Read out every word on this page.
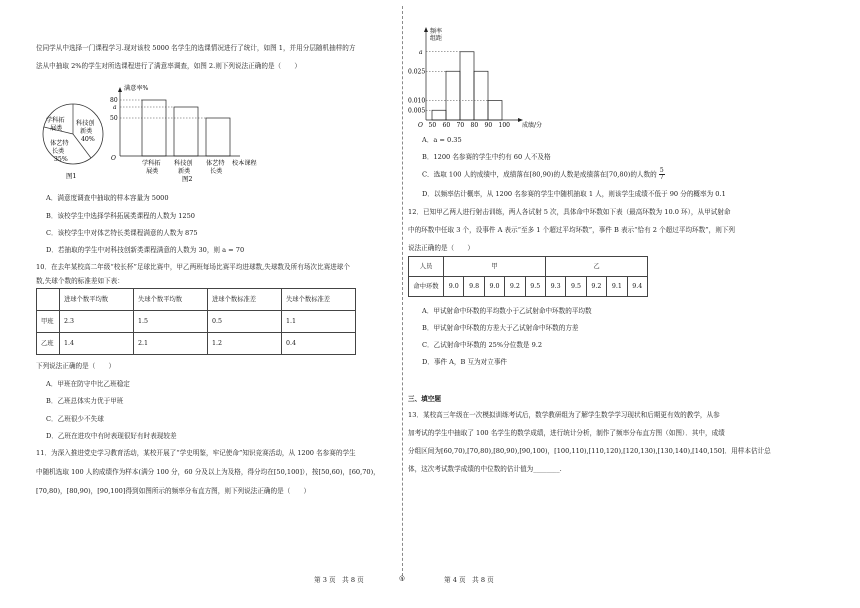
位同学从中选择一门课程学习.现对该校 5000 名学生的选课情况进行了统计，如图 1，并用分层随机抽样的方
法从中抽取 2%的学生对所选课程进行了满意率调查，如图 2.则下列说法正确的是（　　）
学科拓
展类
科技创
新类
40%
体艺特
长类
35%
图1
满意率%
80
a
50
O
学科拓
展类
科技创
新类
体艺特
长类
校本课程
图2
A．满意度调查中抽取的样本容量为 5000
B．该校学生中选择学科拓展类课程的人数为 1250
C．该校学生中对体艺特长类课程满意的人数为 875
D．若抽取的学生中对科技创新类课程满意的人数为 30，则 a = 70
10．在去年某校高二年级“校长杯”足球比赛中，甲乙两班每场比赛平均进球数,失球数及所有场次比赛进球个
数,失球个数的标准差如下表：
	进球个数平均数	失球个数平均数	进球个数标准差	失球个数标准差
甲班	2.3	1.5	0.5	1.1
乙班	1.4	2.1	1.2	0.4
下列说法正确的是（　　）
A．甲班在防守中比乙班稳定
B．乙班总体实力优于甲班
C．乙班很少不失球
D．乙班在进攻中有时表现很好有时表现较差
11．为深入推进党史学习教育活动，某校开展了“学史明鉴，牢记使命”知识竞赛活动，从 1200 名参赛的学生
中随机选取 100 人的成绩作为样本(满分 100 分，60 分及以上为及格，得分均在[50,100]），按[50,60)，[60,70)，
[70,80)，[80,90)，[90,100]得到如图所示的频率分布直方图，则下列说法正确的是（　　）
频率
组距
O
a
0.025
0.010
0.005
50 60 70 80 90 100 成绩/分
A．a = 0.35
B．1200 名参赛的学生中约有 60 人不及格
C．选取 100 人的成绩中，成绩落在[80,90)的人数是成绩落在[70,80)的人数的 $\frac{5}{7}$
D．以频率估计概率，从 1200 名参赛的学生中随机抽取 1 人，则该学生成绩不低于 90 分的概率为 0.1
12．已知甲乙两人进行射击训练，两人各试射 5 次，具体命中环数如下表（最高环数为 10.0 环），从甲试射命
中的环数中任取 3 个，设事件 A 表示“至多 1 个超过平均环数”，事件 B 表示“恰有 2 个超过平均环数”，则下列
说法正确的是（　　）
人员	甲					乙				
命中环数	9.0	9.8	9.0	9.2	9.5	9.3	9.5	9.2	9.1	9.4
A．甲试射命中环数的平均数小于乙试射命中环数的平均数
B．甲试射命中环数的方差大于乙试射命中环数的方差
C．乙试射命中环数的 25%分位数是 9.2
D．事件 A，B 互为对立事件
三、填空题
13．某校高三年级在一次模拟训练考试后，数学教研组为了解学生数学学习现状和后期更有效的教学，从参
加考试的学生中抽取了 100 名学生的数学成绩，进行统计分析，制作了频率分布直方图（如图）．其中，成绩
分组区间为[60,70),[70,80),[80,90),[90,100)，[100,110),[110,120),[120,130),[130,140),[140,150]．用样本估计总
体，这次考试数学成绩的中位数的估计值为________.
第 3 页　共 8 页	◎	第 4 页　共 8 页
